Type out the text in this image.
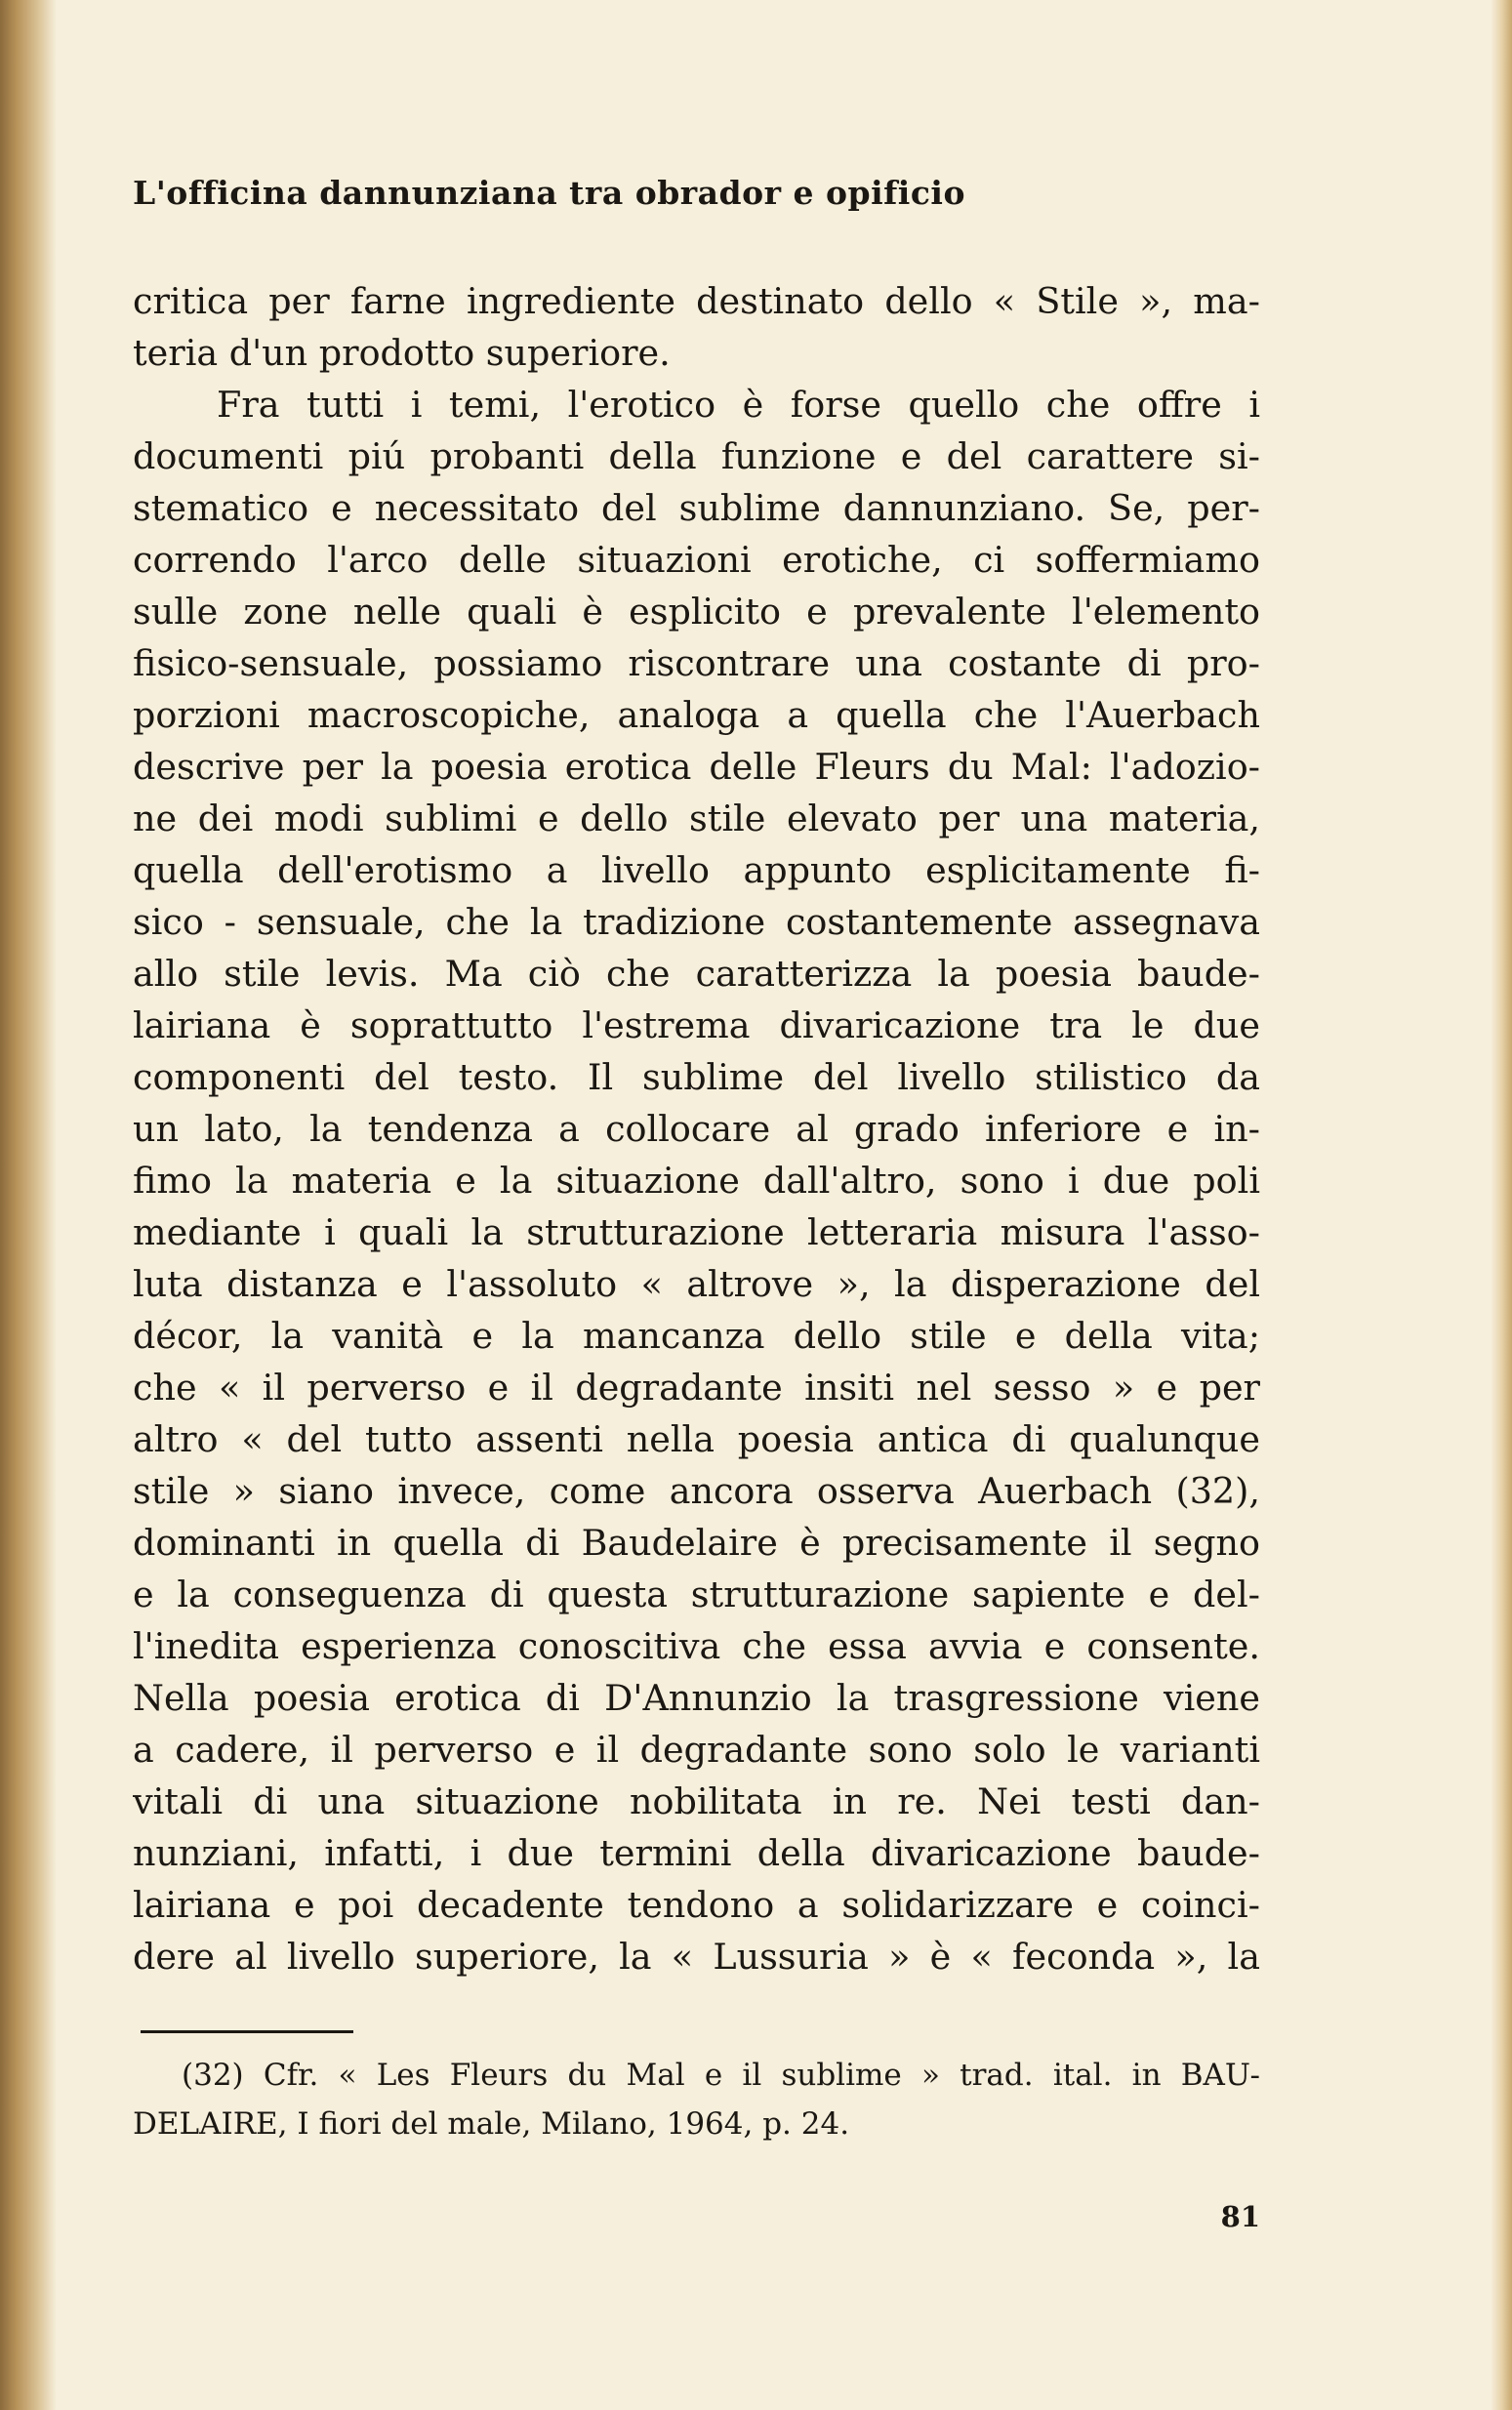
L'officina dannunziana tra obrador e opificio
critica per farne ingrediente destinato dello « Stile », ma-
teria d'un prodotto superiore.
Fra tutti i temi, l'erotico è forse quello che offre i
documenti piú probanti della funzione e del carattere si-
stematico e necessitato del sublime dannunziano. Se, per-
correndo l'arco delle situazioni erotiche, ci soffermiamo
sulle zone nelle quali è esplicito e prevalente l'elemento
fisico-sensuale, possiamo riscontrare una costante di pro-
porzioni macroscopiche, analoga a quella che l'Auerbach
descrive per la poesia erotica delle Fleurs du Mal: l'adozio-
ne dei modi sublimi e dello stile elevato per una materia,
quella dell'erotismo a livello appunto esplicitamente fi-
sico - sensuale, che la tradizione costantemente assegnava
allo stile levis. Ma ciò che caratterizza la poesia baude-
lairiana è soprattutto l'estrema divaricazione tra le due
componenti del testo. Il sublime del livello stilistico da
un lato, la tendenza a collocare al grado inferiore e in-
fimo la materia e la situazione dall'altro, sono i due poli
mediante i quali la strutturazione letteraria misura l'asso-
luta distanza e l'assoluto « altrove », la disperazione del
décor, la vanità e la mancanza dello stile e della vita;
che « il perverso e il degradante insiti nel sesso » e per
altro « del tutto assenti nella poesia antica di qualunque
stile » siano invece, come ancora osserva Auerbach (32),
dominanti in quella di Baudelaire è precisamente il segno
e la conseguenza di questa strutturazione sapiente e del-
l'inedita esperienza conoscitiva che essa avvia e consente.
Nella poesia erotica di D'Annunzio la trasgressione viene
a cadere, il perverso e il degradante sono solo le varianti
vitali di una situazione nobilitata in re. Nei testi dan-
nunziani, infatti, i due termini della divaricazione baude-
lairiana e poi decadente tendono a solidarizzare e coinci-
dere al livello superiore, la « Lussuria » è « feconda », la
(32) Cfr. « Les Fleurs du Mal e il sublime » trad. ital. in BAU-
DELAIRE, I fiori del male, Milano, 1964, p. 24.
81
